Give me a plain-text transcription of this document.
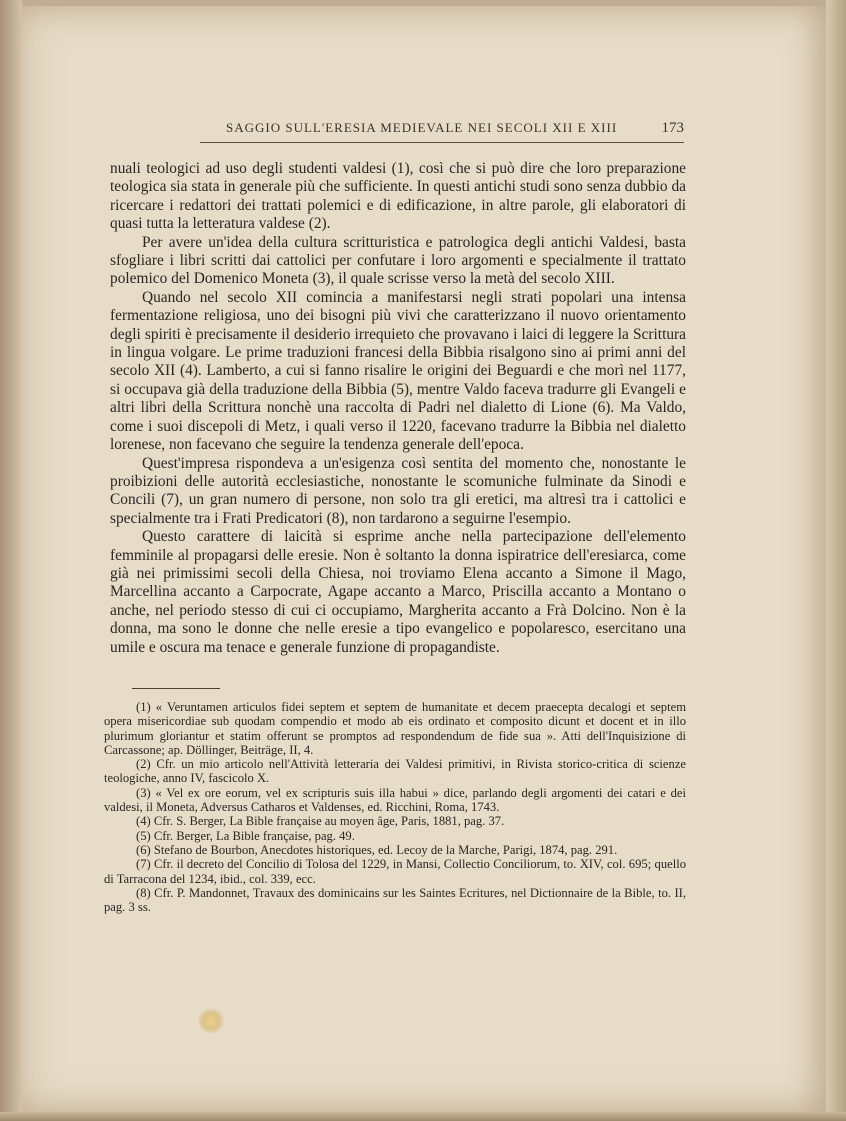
SAGGIO SULL'ERESIA MEDIEVALE NEI SECOLI XII E XIII	173

nuali teologici ad uso degli studenti valdesi (1), così che si può dire che loro preparazione teologica sia stata in generale più che sufficiente. In questi antichi studi sono senza dubbio da ricercare i redattori dei trattati polemici e di edificazione, in altre parole, gli elaboratori di quasi tutta la letteratura valdese (2).

Per avere un'idea della cultura scritturistica e patrologica degli antichi Valdesi, basta sfogliare i libri scritti dai cattolici per confutare i loro argomenti e specialmente il trattato polemico del Domenico Moneta (3), il quale scrisse verso la metà del secolo XIII.

Quando nel secolo XII comincia a manifestarsi negli strati popolari una intensa fermentazione religiosa, uno dei bisogni più vivi che caratterizzano il nuovo orientamento degli spiriti è precisamente il desiderio irrequieto che provavano i laici di leggere la Scrittura in lingua volgare. Le prime traduzioni francesi della Bibbia risalgono sino ai primi anni del secolo XII (4). Lamberto, a cui si fanno risalire le origini dei Beguardi e che morì nel 1177, si occupava già della traduzione della Bibbia (5), mentre Valdo faceva tradurre gli Evangeli e altri libri della Scrittura nonchè una raccolta di Padri nel dialetto di Lione (6). Ma Valdo, come i suoi discepoli di Metz, i quali verso il 1220, facevano tradurre la Bibbia nel dialetto lorenese, non facevano che seguire la tendenza generale dell'epoca.

Quest'impresa rispondeva a un'esigenza così sentita del momento che, nonostante le proibizioni delle autorità ecclesiastiche, nonostante le scomuniche fulminate da Sinodi e Concili (7), un gran numero di persone, non solo tra gli eretici, ma altresì tra i cattolici e specialmente tra i Frati Predicatori (8), non tardarono a seguirne l'esempio.

Questo carattere di laicità si esprime anche nella partecipazione dell'elemento femminile al propagarsi delle eresie. Non è soltanto la donna ispiratrice dell'eresiarca, come già nei primissimi secoli della Chiesa, noi troviamo Elena accanto a Simone il Mago, Marcellina accanto a Carpocrate, Agape accanto a Marco, Priscilla accanto a Montano o anche, nel periodo stesso di cui ci occupiamo, Margherita accanto a Frà Dolcino. Non è la donna, ma sono le donne che nelle eresie a tipo evangelico e popolaresco, esercitano una umile e oscura ma tenace e generale funzione di propagandiste.

(1) « Veruntamen articulos fidei septem et septem de humanitate et decem praecepta decalogi et septem opera misericordiae sub quodam compendio et modo ab eis ordinato et composito dicunt et docent et in illo plurimum gloriantur et statim offerunt se promptos ad respondendum de fide sua ». Atti dell'Inquisizione di Carcassone; ap. Döllinger, Beiträge, II, 4.

(2) Cfr. un mio articolo nell'Attività letteraria dei Valdesi primitivi, in Rivista storico-critica di scienze teologiche, anno IV, fascicolo X.

(3) « Vel ex ore eorum, vel ex scripturis suis illa habui » dice, parlando degli argomenti dei catari e dei valdesi, il Moneta, Adversus Catharos et Valdenses, ed. Ricchini, Roma, 1743.

(4) Cfr. S. Berger, La Bible française au moyen âge, Paris, 1881, pag. 37.

(5) Cfr. Berger, La Bible française, pag. 49.

(6) Stefano de Bourbon, Anecdotes historiques, ed. Lecoy de la Marche, Parigi, 1874, pag. 291.

(7) Cfr. il decreto del Concilio di Tolosa del 1229, in Mansi, Collectio Conciliorum, to. XIV, col. 695; quello di Tarracona del 1234, ibid., col. 339, ecc.

(8) Cfr. P. Mandonnet, Travaux des dominicains sur les Saintes Ecritures, nel Dictionnaire de la Bible, to. II, pag. 3 ss.
